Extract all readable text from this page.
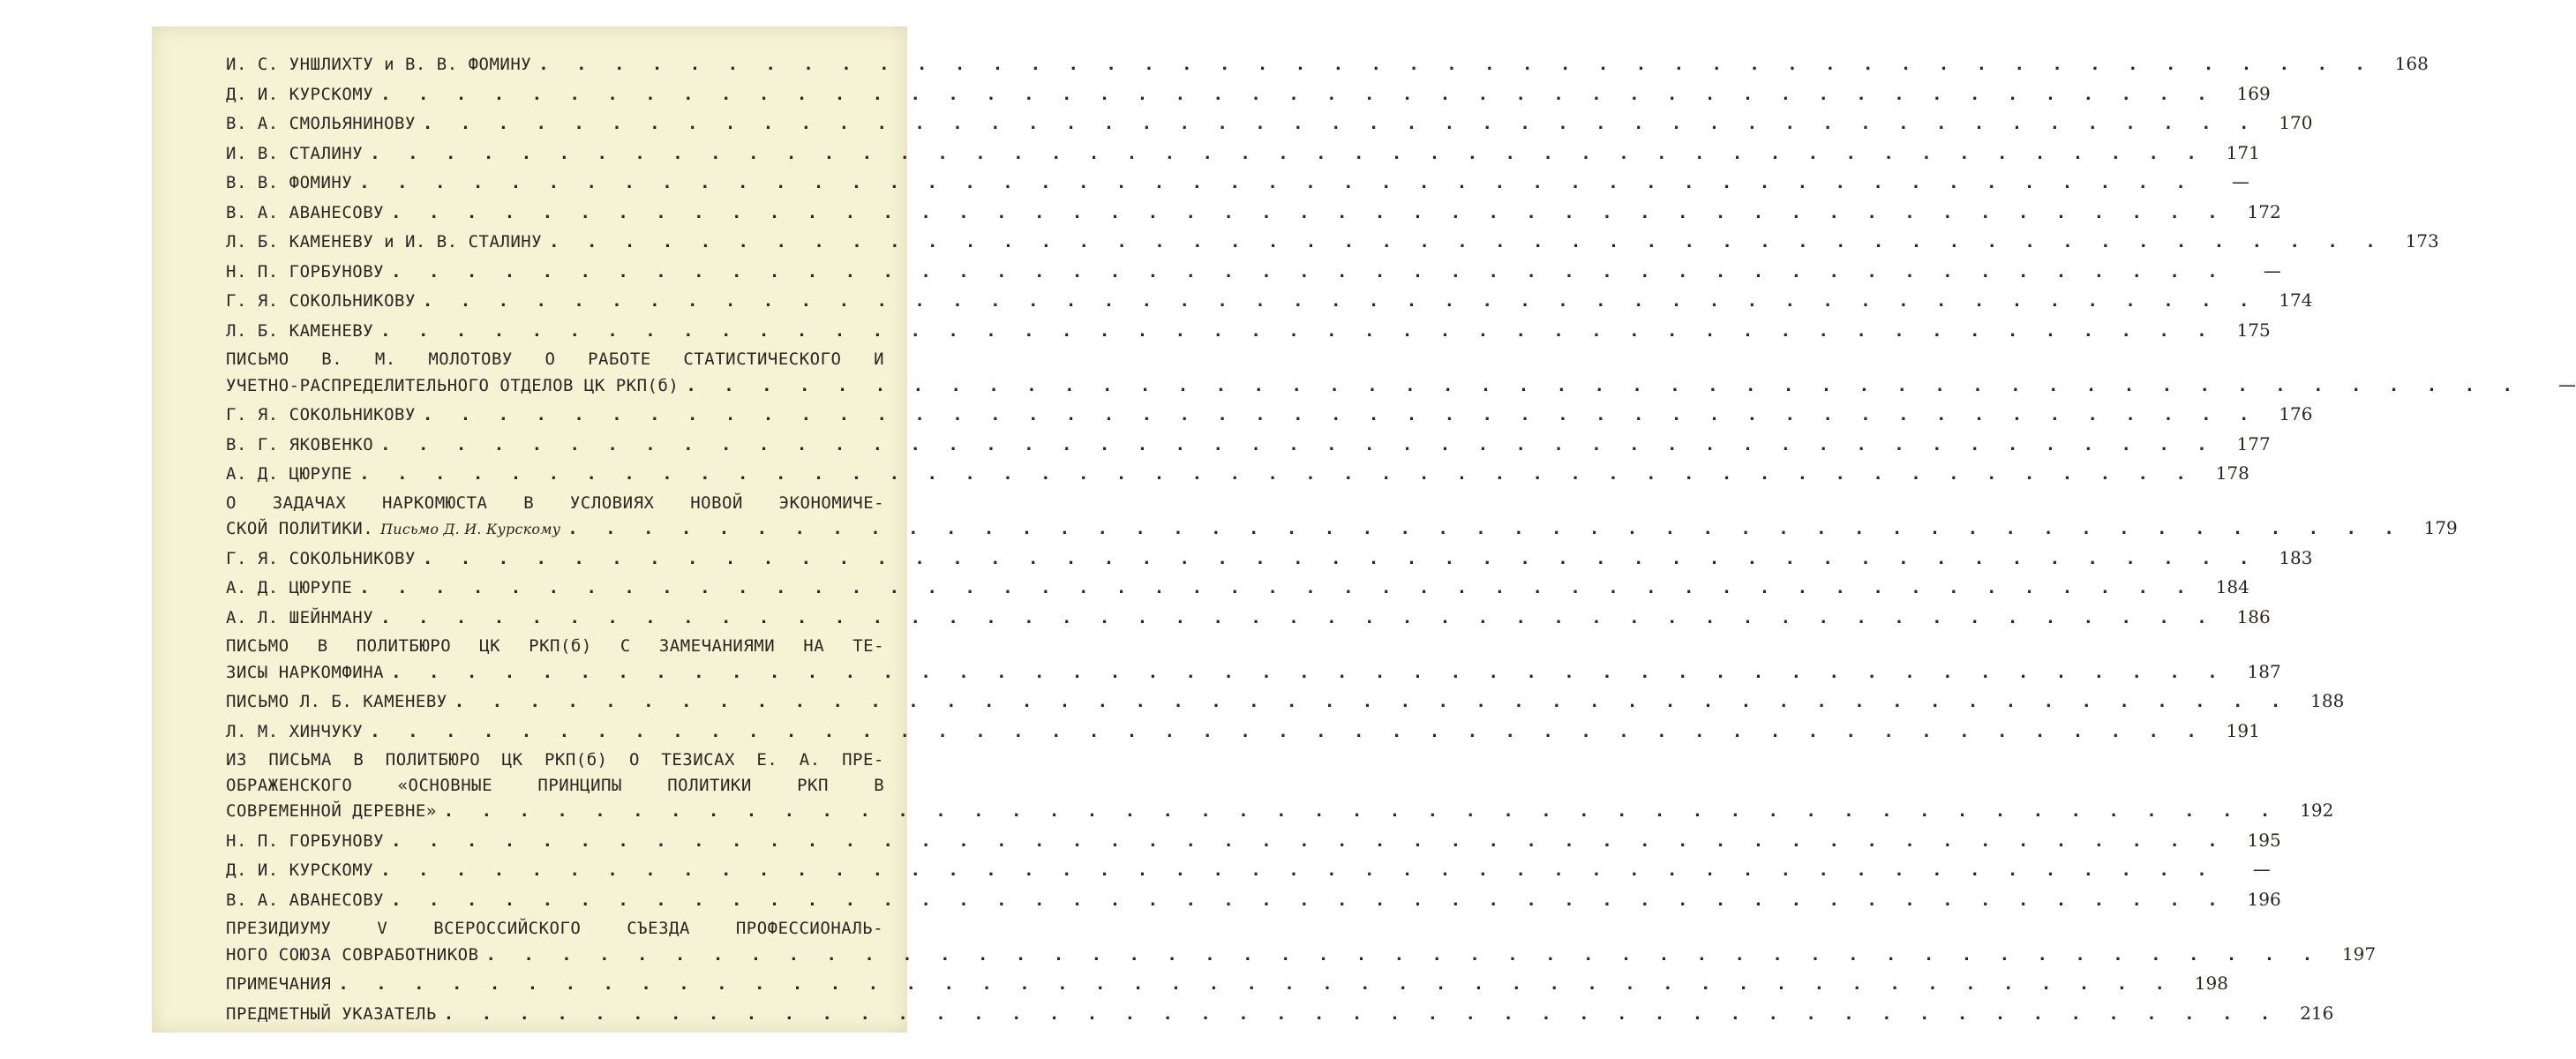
И. С. УНШЛИХТУ и В. В. ФОМИНУ . . . . . . . . . . . . . . . . . . . . . . . . . . . . . . . . . . . . . . . . . . . . . . . . .	168
Д. И. КУРСКОМУ . . . . . . . . . . . . . . . . . . . . . . . . . . . . . . . . . . . . . . . . . . . . . . . . .	169
В. А. СМОЛЬЯНИНОВУ . . . . . . . . . . . . . . . . . . . . . . . . . . . . . . . . . . . . . . . . . . . . . . . . .	170
И. В. СТАЛИНУ . . . . . . . . . . . . . . . . . . . . . . . . . . . . . . . . . . . . . . . . . . . . . . . . .	171
В. В. ФОМИНУ . . . . . . . . . . . . . . . . . . . . . . . . . . . . . . . . . . . . . . . . . . . . . . . . .	—
В. А. АВАНЕСОВУ . . . . . . . . . . . . . . . . . . . . . . . . . . . . . . . . . . . . . . . . . . . . . . . . .	172
Л. Б. КАМЕНЕВУ и И. В. СТАЛИНУ . . . . . . . . . . . . . . . . . . . . . . . . . . . . . . . . . . . . . . . . . . . . . . . . .	173
Н. П. ГОРБУНОВУ . . . . . . . . . . . . . . . . . . . . . . . . . . . . . . . . . . . . . . . . . . . . . . . . .	—
Г. Я. СОКОЛЬНИКОВУ . . . . . . . . . . . . . . . . . . . . . . . . . . . . . . . . . . . . . . . . . . . . . . . . .	174
Л. Б. КАМЕНЕВУ . . . . . . . . . . . . . . . . . . . . . . . . . . . . . . . . . . . . . . . . . . . . . . . . .	175
ПИСЬМО В. М. МОЛОТОВУ О РАБОТЕ СТАТИСТИЧЕСКОГО И
УЧЕТНО-РАСПРЕДЕЛИТЕЛЬНОГО ОТДЕЛОВ ЦК РКП(б) . . . . . . . . . . . . . . . . . . . . . . . . . . . . . . . . . . . . . . . . . . . . . . . . .	—
Г. Я. СОКОЛЬНИКОВУ . . . . . . . . . . . . . . . . . . . . . . . . . . . . . . . . . . . . . . . . . . . . . . . . .	176
В. Г. ЯКОВЕНКО . . . . . . . . . . . . . . . . . . . . . . . . . . . . . . . . . . . . . . . . . . . . . . . . .	177
А. Д. ЦЮРУПЕ . . . . . . . . . . . . . . . . . . . . . . . . . . . . . . . . . . . . . . . . . . . . . . . . .	178
О ЗАДАЧАХ НАРКОМЮСТА В УСЛОВИЯХ НОВОЙ ЭКОНОМИЧЕ-
СКОЙ ПОЛИТИКИ. Письмо Д. И. Курскому . . . . . . . . . . . . . . . . . . . . . . . . . . . . . . . . . . . . . . . . . . . . . . . . .	179
Г. Я. СОКОЛЬНИКОВУ . . . . . . . . . . . . . . . . . . . . . . . . . . . . . . . . . . . . . . . . . . . . . . . . .	183
А. Д. ЦЮРУПЕ . . . . . . . . . . . . . . . . . . . . . . . . . . . . . . . . . . . . . . . . . . . . . . . . .	184
А. Л. ШЕЙНМАНУ . . . . . . . . . . . . . . . . . . . . . . . . . . . . . . . . . . . . . . . . . . . . . . . . .	186
ПИСЬМО В ПОЛИТБЮРО ЦК РКП(б) С ЗАМЕЧАНИЯМИ НА ТЕ-
ЗИСЫ НАРКОМФИНА . . . . . . . . . . . . . . . . . . . . . . . . . . . . . . . . . . . . . . . . . . . . . . . . .	187
ПИСЬМО Л. Б. КАМЕНЕВУ . . . . . . . . . . . . . . . . . . . . . . . . . . . . . . . . . . . . . . . . . . . . . . . . .	188
Л. М. ХИНЧУКУ . . . . . . . . . . . . . . . . . . . . . . . . . . . . . . . . . . . . . . . . . . . . . . . . .	191
ИЗ ПИСЬМА В ПОЛИТБЮРО ЦК РКП(б) О ТЕЗИСАХ Е. А. ПРЕ-
ОБРАЖЕНСКОГО «ОСНОВНЫЕ ПРИНЦИПЫ ПОЛИТИКИ РКП В
СОВРЕМЕННОЙ ДЕРЕВНЕ» . . . . . . . . . . . . . . . . . . . . . . . . . . . . . . . . . . . . . . . . . . . . . . . . .	192
Н. П. ГОРБУНОВУ . . . . . . . . . . . . . . . . . . . . . . . . . . . . . . . . . . . . . . . . . . . . . . . . .	195
Д. И. КУРСКОМУ . . . . . . . . . . . . . . . . . . . . . . . . . . . . . . . . . . . . . . . . . . . . . . . . .	—
В. А. АВАНЕСОВУ . . . . . . . . . . . . . . . . . . . . . . . . . . . . . . . . . . . . . . . . . . . . . . . . .	196
ПРЕЗИДИУМУ V ВСЕРОССИЙСКОГО СЪЕЗДА ПРОФЕССИОНАЛЬ-
НОГО СОЮЗА СОВРАБОТНИКОВ . . . . . . . . . . . . . . . . . . . . . . . . . . . . . . . . . . . . . . . . . . . . . . . . .	197
ПРИМЕЧАНИЯ . . . . . . . . . . . . . . . . . . . . . . . . . . . . . . . . . . . . . . . . . . . . . . . . .	198
ПРЕДМЕТНЫЙ УКАЗАТЕЛЬ . . . . . . . . . . . . . . . . . . . . . . . . . . . . . . . . . . . . . . . . . . . . . . . . .	216
